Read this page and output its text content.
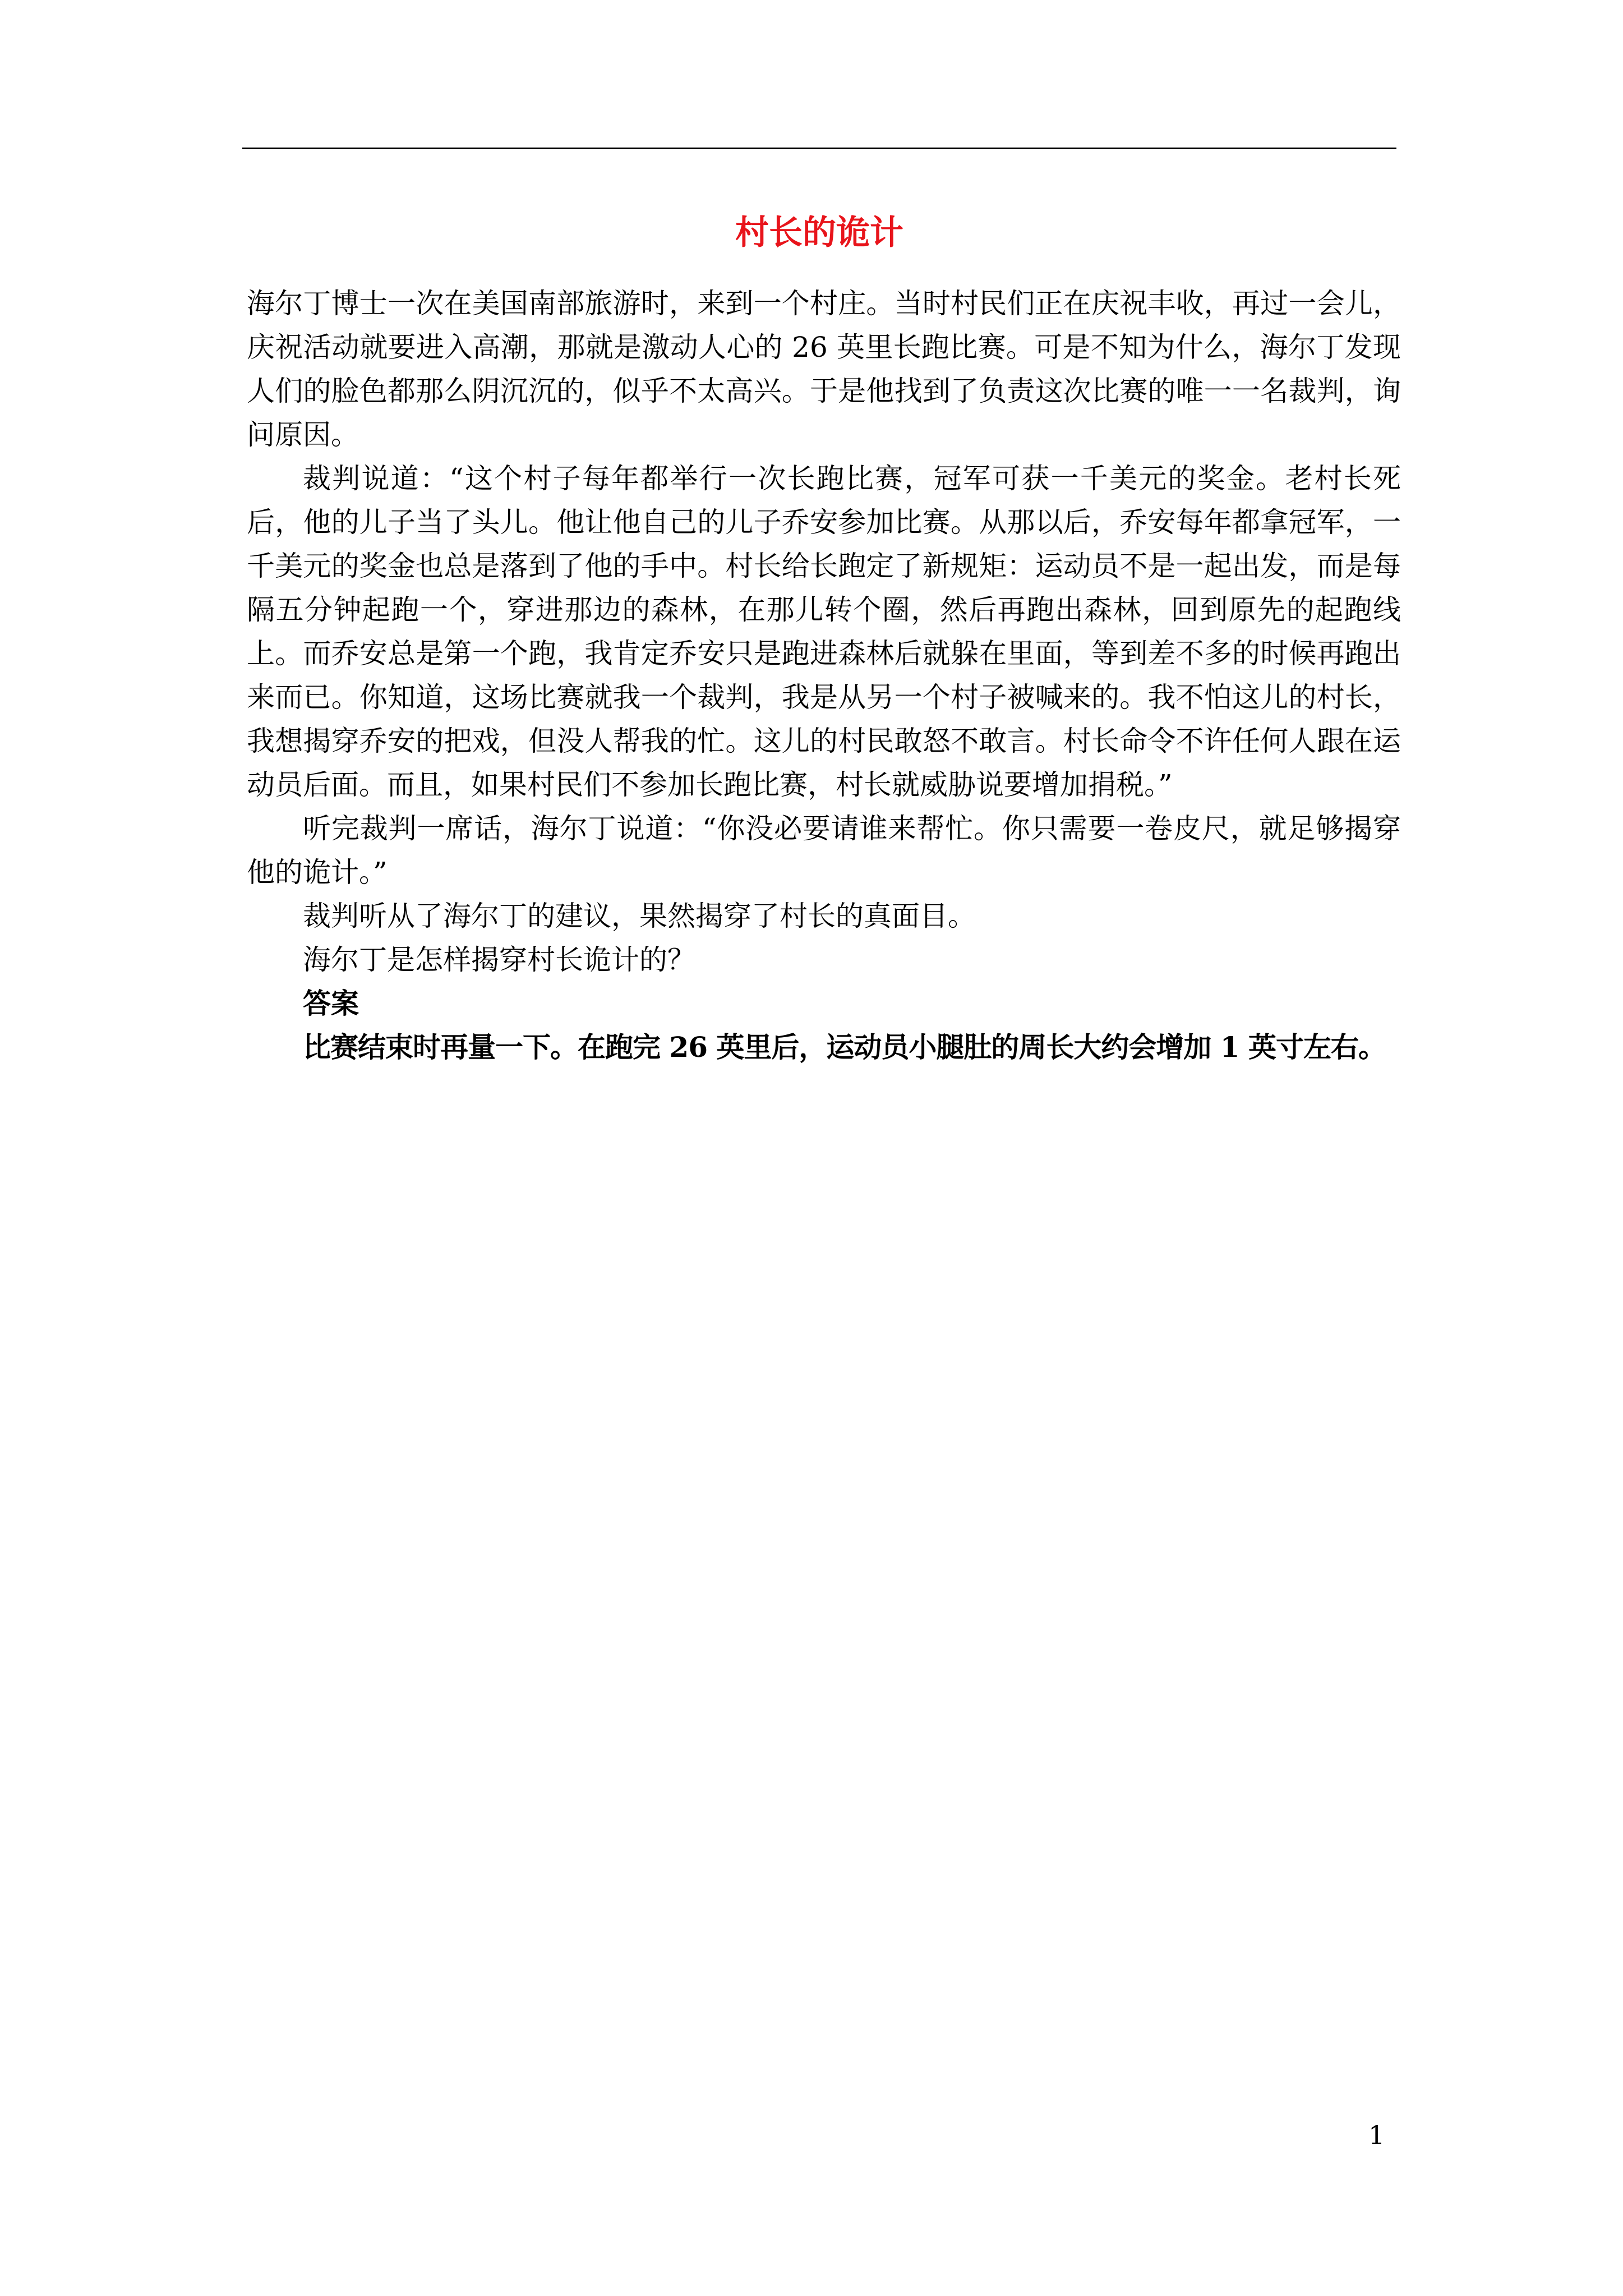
村长的诡计

海尔丁博士一次在美国南部旅游时，来到一个村庄。当时村民们正在庆祝丰收，再过一会儿，庆祝活动就要进入高潮，那就是激动人心的 26 英里长跑比赛。可是不知为什么，海尔丁发现人们的脸色都那么阴沉沉的，似乎不太高兴。于是他找到了负责这次比赛的唯一一名裁判，询问原因。

裁判说道：“这个村子每年都举行一次长跑比赛，冠军可获一千美元的奖金。老村长死后，他的儿子当了头儿。他让他自己的儿子乔安参加比赛。从那以后，乔安每年都拿冠军，一千美元的奖金也总是落到了他的手中。村长给长跑定了新规矩：运动员不是一起出发，而是每隔五分钟起跑一个，穿进那边的森林，在那儿转个圈，然后再跑出森林，回到原先的起跑线上。而乔安总是第一个跑，我肯定乔安只是跑进森林后就躲在里面，等到差不多的时候再跑出来而已。你知道，这场比赛就我一个裁判，我是从另一个村子被喊来的。我不怕这儿的村长，我想揭穿乔安的把戏，但没人帮我的忙。这儿的村民敢怒不敢言。村长命令不许任何人跟在运动员后面。而且，如果村民们不参加长跑比赛，村长就威胁说要增加捐税。”

听完裁判一席话，海尔丁说道：“你没必要请谁来帮忙。你只需要一卷皮尺，就足够揭穿他的诡计。”

裁判听从了海尔丁的建议，果然揭穿了村长的真面目。

海尔丁是怎样揭穿村长诡计的？

答案

比赛结束时再量一下。在跑完 26 英里后，运动员小腿肚的周长大约会增加 1 英寸左右。

1
